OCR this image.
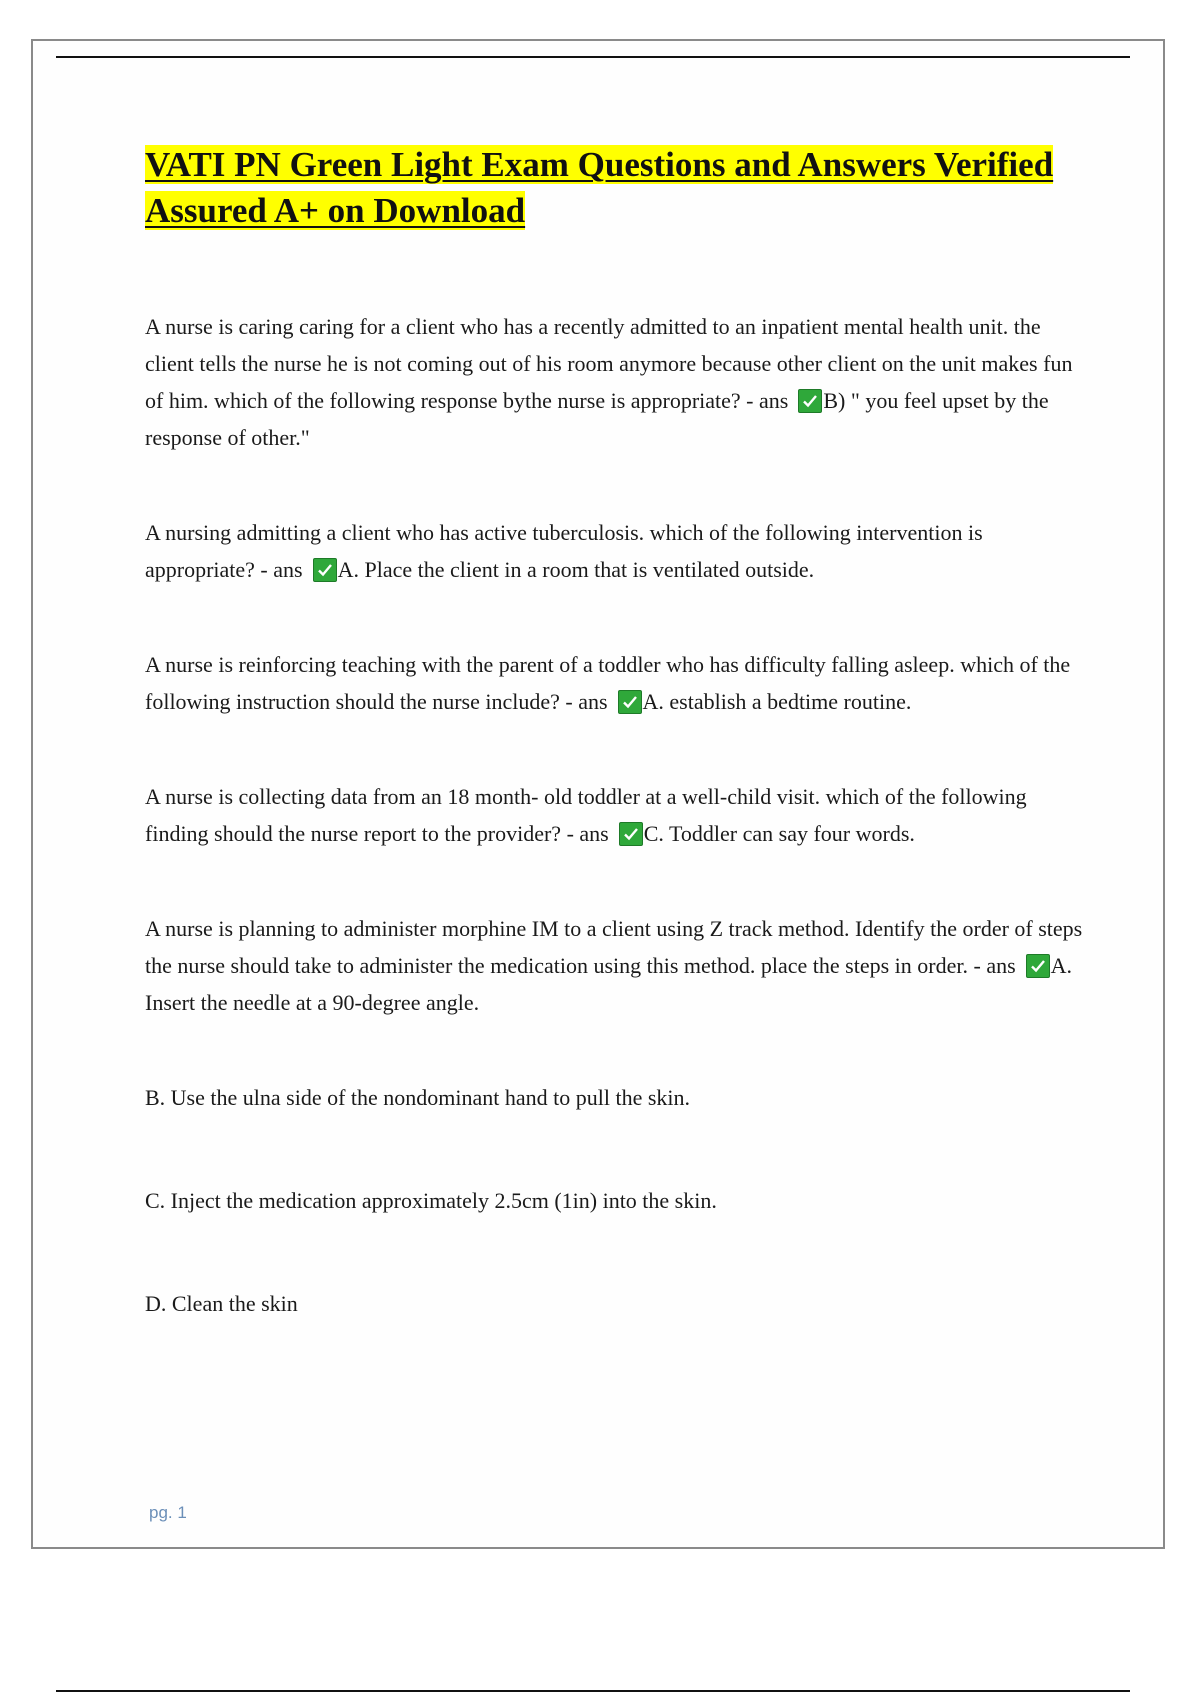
VATI PN Green Light Exam Questions and Answers Verified Assured A+ on Download

A nurse is caring caring for a client who has a recently admitted to an inpatient mental health unit. the client tells the nurse he is not coming out of his room anymore because other client on the unit makes fun of him. which of the following response bythe nurse is appropriate? - ans B) " you feel upset by the response of other."

A nursing admitting a client who has active tuberculosis. which of the following intervention is appropriate? - ans A. Place the client in a room that is ventilated outside.

A nurse is reinforcing teaching with the parent of a toddler who has difficulty falling asleep. which of the following instruction should the nurse include? - ans A. establish a bedtime routine.

A nurse is collecting data from an 18 month- old toddler at a well-child visit. which of the following finding should the nurse report to the provider? - ans C. Toddler can say four words.

A nurse is planning to administer morphine IM to a client using Z track method. Identify the order of steps the nurse should take to administer the medication using this method. place the steps in order. - ans A. Insert the needle at a 90-degree angle.

B. Use the ulna side of the nondominant hand to pull the skin.

C. Inject the medication approximately 2.5cm (1in) into the skin.

D. Clean the skin

pg. 1
